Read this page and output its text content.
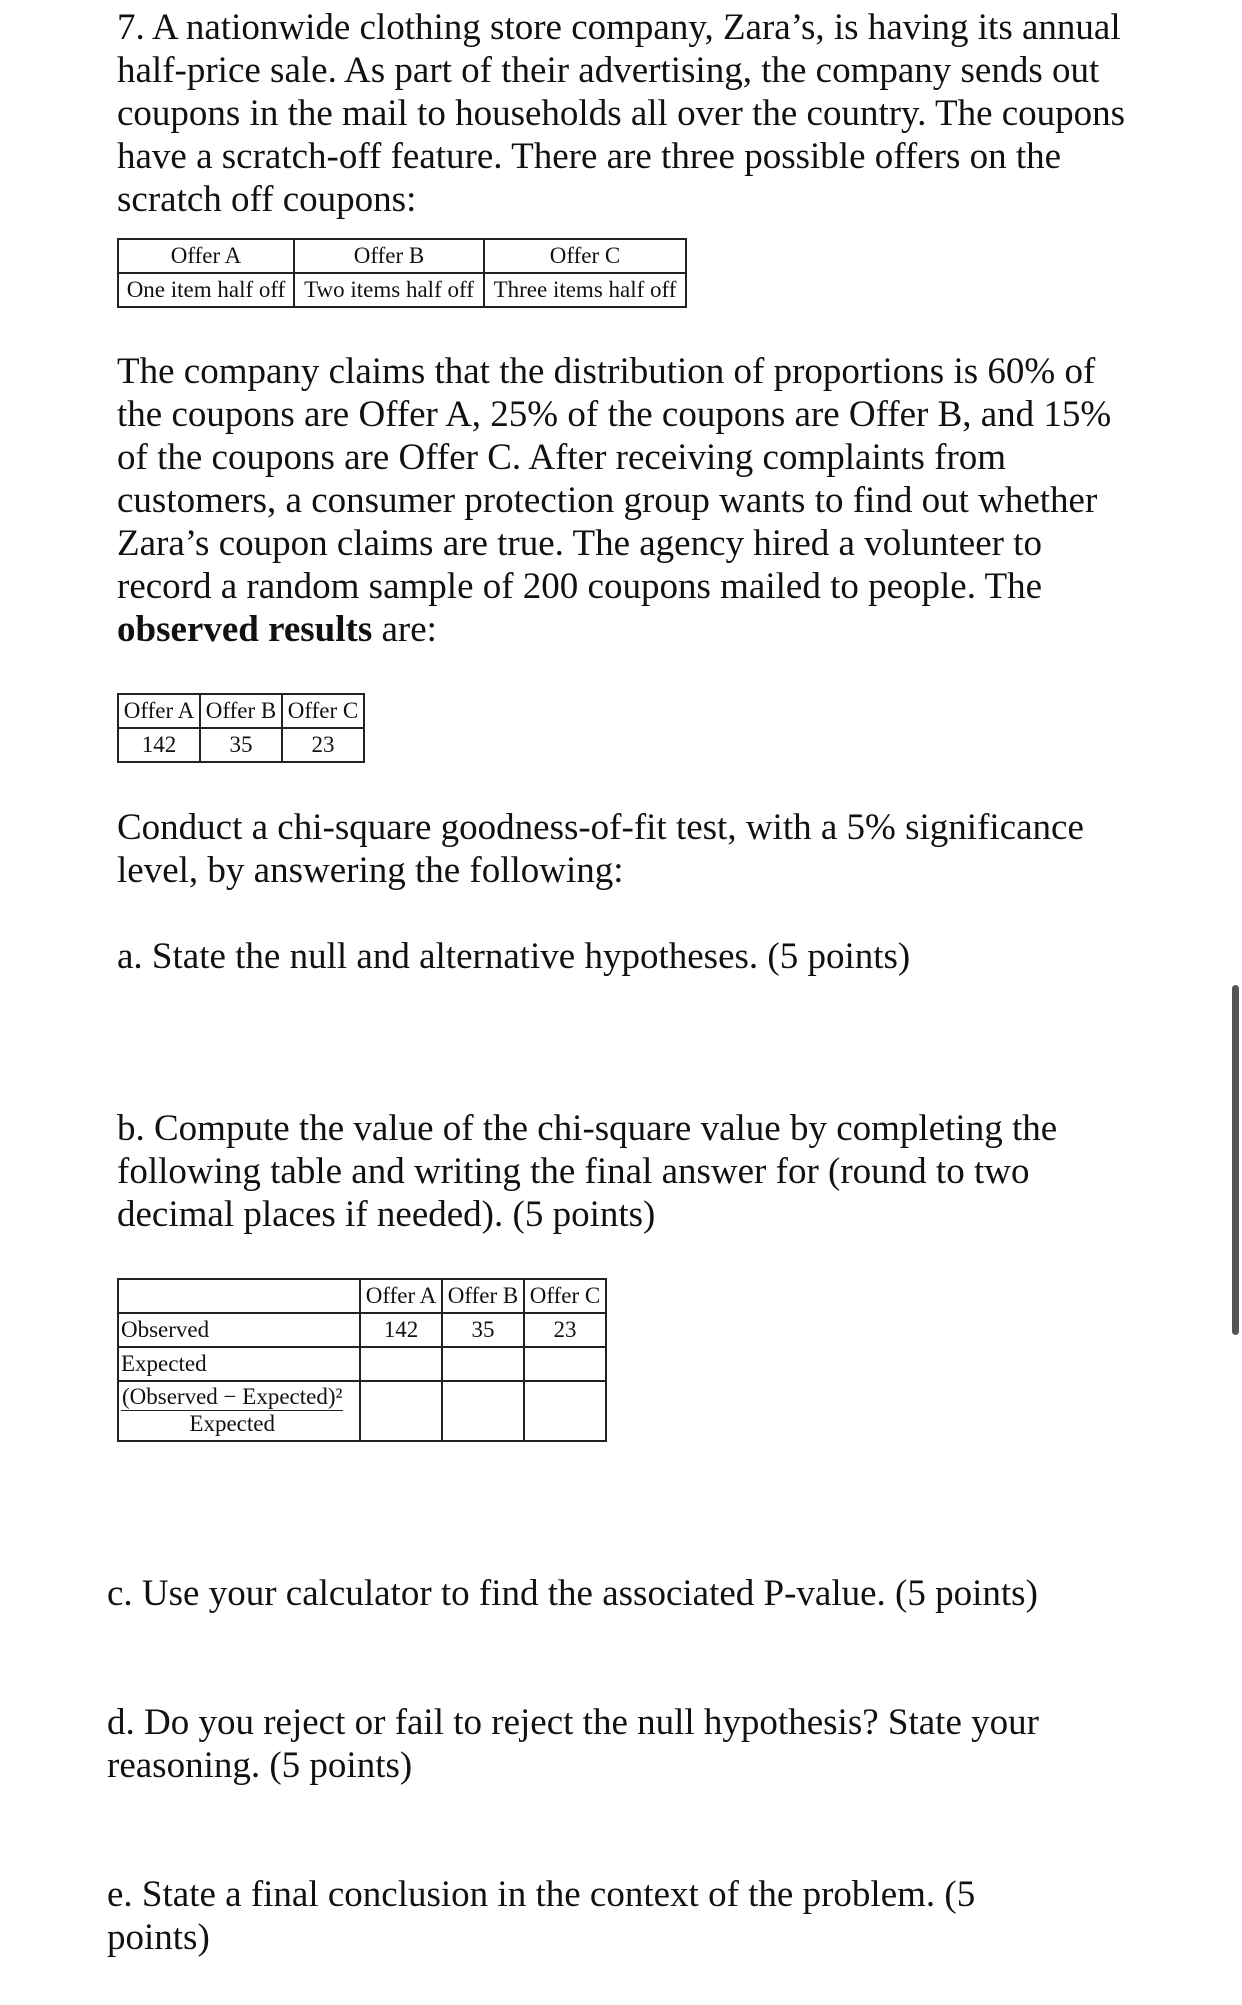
7. A nationwide clothing store company, Zara’s, is having its annual half-price sale. As part of their advertising, the company sends out coupons in the mail to households all over the country. The coupons have a scratch-off feature. There are three possible offers on the scratch off coupons:

Offer A	Offer B	Offer C
One item half off	Two items half off	Three items half off

The company claims that the distribution of proportions is 60% of the coupons are Offer A, 25% of the coupons are Offer B, and 15% of the coupons are Offer C. After receiving complaints from customers, a consumer protection group wants to find out whether Zara’s coupon claims are true. The agency hired a volunteer to record a random sample of 200 coupons mailed to people. The observed results are:

Offer A	Offer B	Offer C
142	35	23

Conduct a chi-square goodness-of-fit test, with a 5% significance level, by answering the following:

a. State the null and alternative hypotheses. (5 points)

b. Compute the value of the chi-square value by completing the following table and writing the final answer for (round to two decimal places if needed). (5 points)

	Offer A	Offer B	Offer C
Observed	142	35	23
Expected			

$\frac{\text{(Observed − Expected)²}}{\text{Expected}}$

c. Use your calculator to find the associated P-value. (5 points)

d. Do you reject or fail to reject the null hypothesis? State your reasoning. (5 points)

e. State a final conclusion in the context of the problem. (5 points)
